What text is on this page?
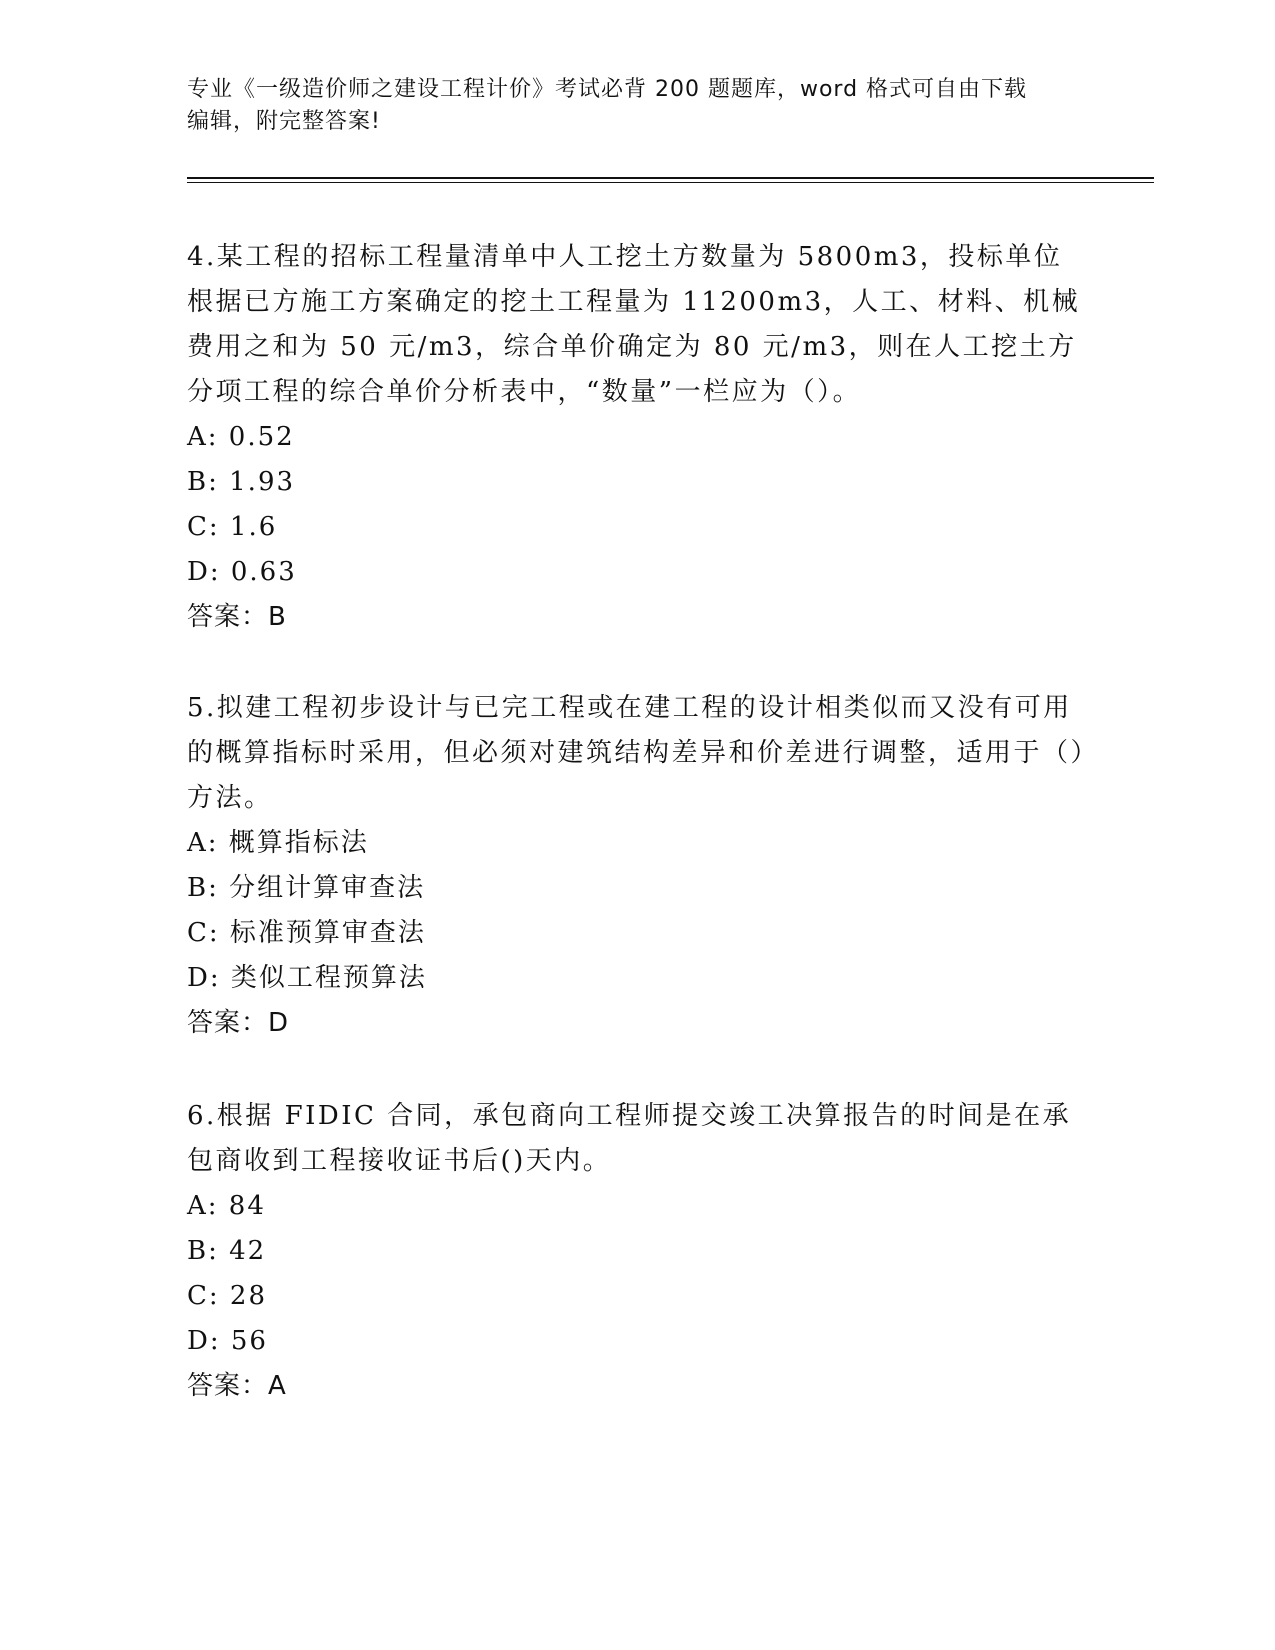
专业《一级造价师之建设工程计价》考试必背 200 题题库，word 格式可自由下载
编辑，附完整答案!

4.某工程的招标工程量清单中人工挖土方数量为 5800m3，投标单位根据已方施工方案确定的挖土工程量为 11200m3，人工、材料、机械费用之和为 50 元/m3，综合单价确定为 80 元/m3，则在人工挖土方分项工程的综合单价分析表中，“数量”一栏应为（）。

A: 0.52

B: 1.93

C: 1.6

D: 0.63

答案：B

5.拟建工程初步设计与已完工程或在建工程的设计相类似而又没有可用的概算指标时采用，但必须对建筑结构差异和价差进行调整，适用于（）方法。

A: 概算指标法

B: 分组计算审查法

C: 标准预算审查法

D: 类似工程预算法

答案：D

6.根据 FIDIC 合同，承包商向工程师提交竣工决算报告的时间是在承包商收到工程接收证书后()天内。

A: 84

B: 42

C: 28

D: 56

答案：A
